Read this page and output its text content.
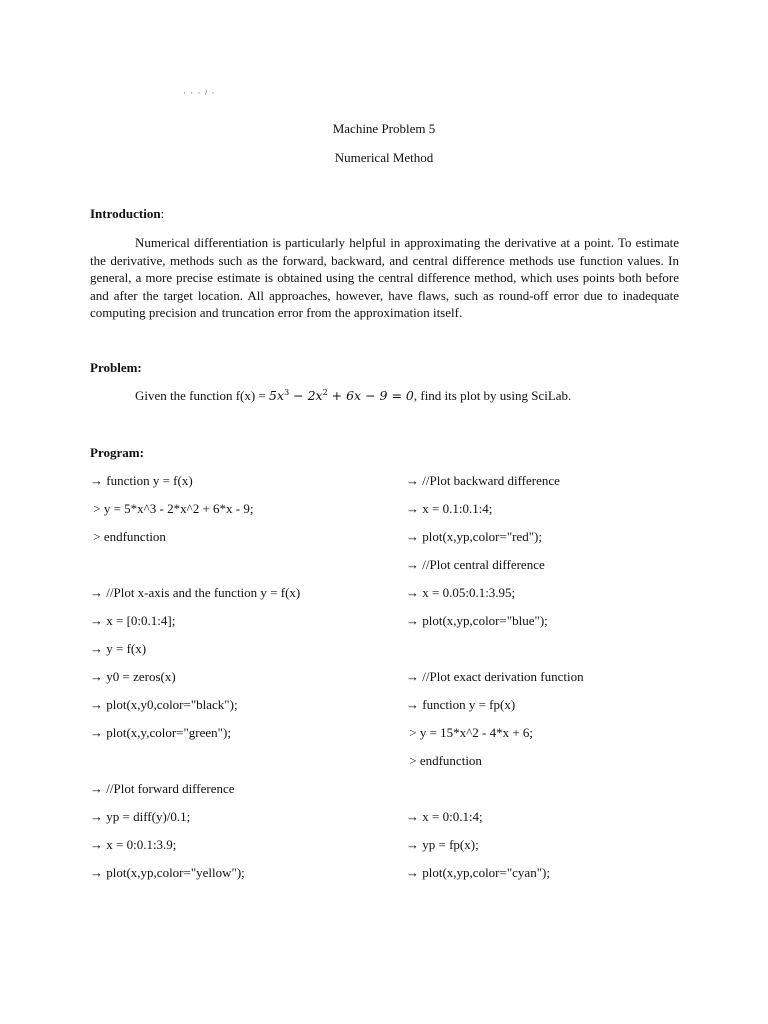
· · · / ·
Machine Problem 5
Numerical Method
Introduction:

Numerical differentiation is particularly helpful in approximating the derivative at a point. To estimate the derivative, methods such as the forward, backward, and central difference methods use function values. In general, a more precise estimate is obtained using the central difference method, which uses points both before and after the target location. All approaches, however, have flaws, such as round-off error due to inadequate computing precision and truncation error from the approximation itself.

Problem:
Given the function $f(x) = 5x^3 - 2x^2 + 6x - 9 = 0$, find its plot by using SciLab.
Program:
→ function y = f(x)
> y = 5*x^3 - 2*x^2 + 6*x - 9;
> endfunction
→ //Plot x-axis and the function y = f(x)
→ x = [0:0.1:4];
→ y = f(x)
→ y0 = zeros(x)
→ plot(x,y0,color="black");
→ plot(x,y,color="green");
→ //Plot forward difference
→ yp = diff(y)/0.1;
→ x = 0:0.1:3.9;
→ plot(x,yp,color="yellow");
→ //Plot backward difference
→ x = 0.1:0.1:4;
→ plot(x,yp,color="red");
→ //Plot central difference
→ x = 0.05:0.1:3.95;
→ plot(x,yp,color="blue");
→ //Plot exact derivation function
→ function y = fp(x)
> y = 15*x^2 - 4*x + 6;
> endfunction
→ x = 0:0.1:4;
→ yp = fp(x);
→ plot(x,yp,color="cyan");
